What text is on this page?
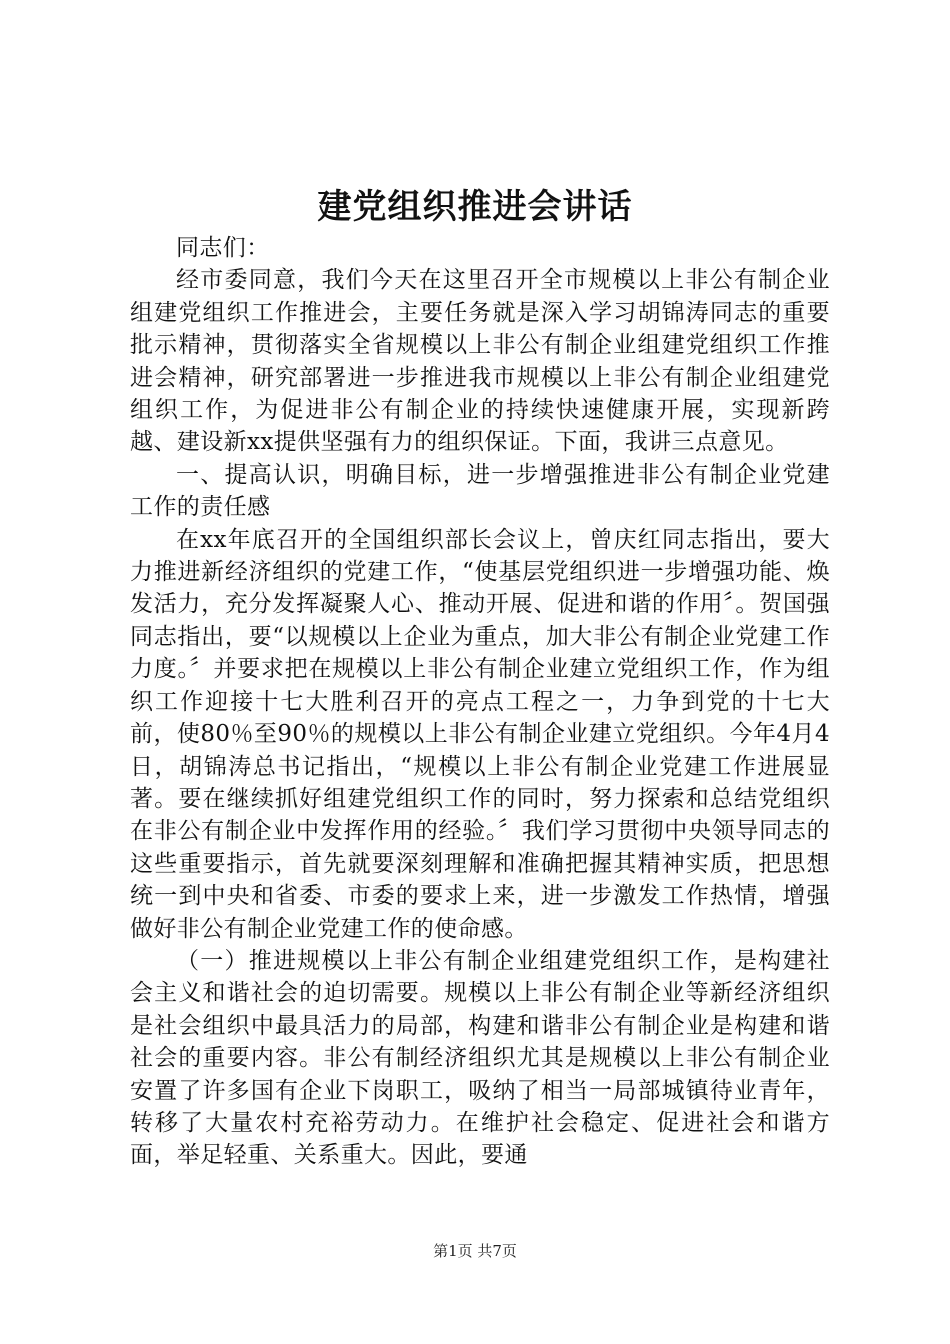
建党组织推进会讲话

同志们：

经市委同意，我们今天在这里召开全市规模以上非公有制企业组建党组织工作推进会，主要任务就是深入学习胡锦涛同志的重要批示精神，贯彻落实全省规模以上非公有制企业组建党组织工作推进会精神，研究部署进一步推进我市规模以上非公有制企业组建党组织工作，为促进非公有制企业的持续快速健康开展，实现新跨越、建设新xx提供坚强有力的组织保证。下面，我讲三点意见。

一、提高认识，明确目标，进一步增强推进非公有制企业党建工作的责任感

在xx年底召开的全国组织部长会议上，曾庆红同志指出，要大力推进新经济组织的党建工作，“使基层党组织进一步增强功能、焕发活力，充分发挥凝聚人心、推动开展、促进和谐的作用〞。贺国强同志指出，要“以规模以上企业为重点，加大非公有制企业党建工作力度。〞并要求把在规模以上非公有制企业建立党组织工作，作为组织工作迎接十七大胜利召开的亮点工程之一，力争到党的十七大前，使80％至90％的规模以上非公有制企业建立党组织。今年4月4日，胡锦涛总书记指出，“规模以上非公有制企业党建工作进展显著。要在继续抓好组建党组织工作的同时，努力探索和总结党组织在非公有制企业中发挥作用的经验。〞我们学习贯彻中央领导同志的这些重要指示，首先就要深刻理解和准确把握其精神实质，把思想统一到中央和省委、市委的要求上来，进一步激发工作热情，增强做好非公有制企业党建工作的使命感。

（一）推进规模以上非公有制企业组建党组织工作，是构建社会主义和谐社会的迫切需要。规模以上非公有制企业等新经济组织是社会组织中最具活力的局部，构建和谐非公有制企业是构建和谐社会的重要内容。非公有制经济组织尤其是规模以上非公有制企业安置了许多国有企业下岗职工，吸纳了相当一局部城镇待业青年，转移了大量农村充裕劳动力。在维护社会稳定、促进社会和谐方面，举足轻重、关系重大。因此，要通

第1页 共7页
